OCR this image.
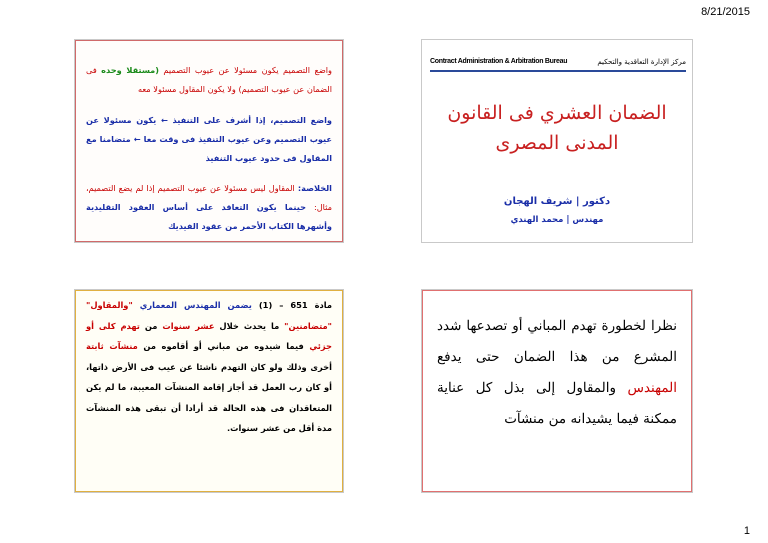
8/21/2015
واضع التصميم يكون مسئولا عن عيوب التصميم (مستقلا وحده فى الضمان عن عيوب التصميم) ولا يكون المقاول مسئولا معه
واضع التصميم، إذا أشرف على التنفيذ ← يكون مسئولا عن عيوب التصميم وعن عيوب التنفيذ فى وقت معا ← متضامنا مع المقاول فى حدود عيوب التنفيذ
الخلاصة: المقاول ليس مسئولا عن عيوب التصميم إذا لم يضع التصميم، مثال: حينما يكون التعاقد على أساس العقود التقليدية وأشهرها الكتاب الأحمر من عقود الفيديك
Contract Administration & Arbitration Bureau	مركز الإدارة التعاقدية والتحكيم
الضمان العشري فى القانون
المدنى المصرى
دكتور | شريف الهجان
مهندس | محمد الهندي
مادة 651 – (1) يضمن المهندس المعماري "والمقاول" "متضامنين" ما يحدث خلال عشر سنوات من تهدم كلى أو جزئي فيما شيدوه من مباني أو أقاموه من منشآت ثابتة أخرى وذلك ولو كان التهدم ناشئا عن عيب فى الأرض ذاتها، أو كان رب العمل قد أجاز إقامة المنشآت المعيبة، ما لم يكن المتعاقدان فى هذه الحالة قد أرادا أن تبقى هذه المنشآت مدة أقل من عشر سنوات.
نظرا لخطورة تهدم المباني أو تصدعها شدد المشرع من هذا الضمان حتى يدفع المهندس والمقاول إلى بذل كل عناية ممكنة فيما يشيدانه من منشآت
1
